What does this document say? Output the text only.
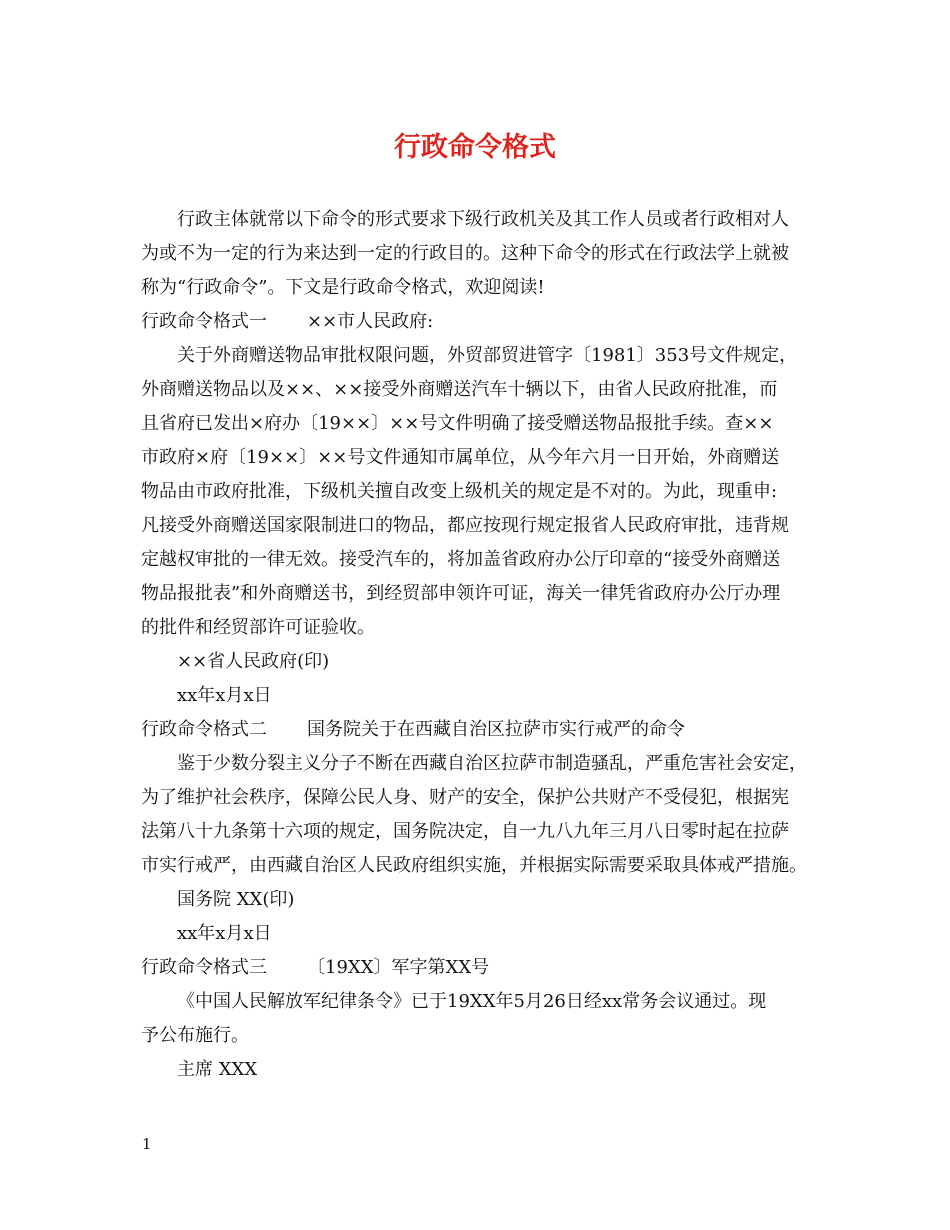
行政命令格式
行政主体就常以下命令的形式要求下级行政机关及其工作人员或者行政相对人
为或不为一定的行为来达到一定的行政目的。这种下命令的形式在行政法学上就被
称为“行政命令”。下文是行政命令格式，欢迎阅读!
行政命令格式一 ××市人民政府:
关于外商赠送物品审批权限问题，外贸部贸进管字〔1981〕353号文件规定，
外商赠送物品以及××、××接受外商赠送汽车十辆以下，由省人民政府批准，而
且省府已发出×府办〔19××〕××号文件明确了接受赠送物品报批手续。查××
市政府×府〔19××〕××号文件通知市属单位，从今年六月一日开始，外商赠送
物品由市政府批准，下级机关擅自改变上级机关的规定是不对的。为此，现重申:
凡接受外商赠送国家限制进口的物品，都应按现行规定报省人民政府审批，违背规
定越权审批的一律无效。接受汽车的，将加盖省政府办公厅印章的“接受外商赠送
物品报批表”和外商赠送书，到经贸部申领许可证，海关一律凭省政府办公厅办理
的批件和经贸部许可证验收。
××省人民政府(印)
xx年x月x日
行政命令格式二 国务院关于在西藏自治区拉萨市实行戒严的命令
鉴于少数分裂主义分子不断在西藏自治区拉萨市制造骚乱，严重危害社会安定，
为了维护社会秩序，保障公民人身、财产的安全，保护公共财产不受侵犯，根据宪
法第八十九条第十六项的规定，国务院决定，自一九八九年三月八日零时起在拉萨
市实行戒严，由西藏自治区人民政府组织实施，并根据实际需要采取具体戒严措施。
国务院 XX(印)
xx年x月x日
行政命令格式三 〔19XX〕军字第XX号
《中国人民解放军纪律条令》已于19XX年5月26日经xx常务会议通过。现
予公布施行。
主席 XXX
1
